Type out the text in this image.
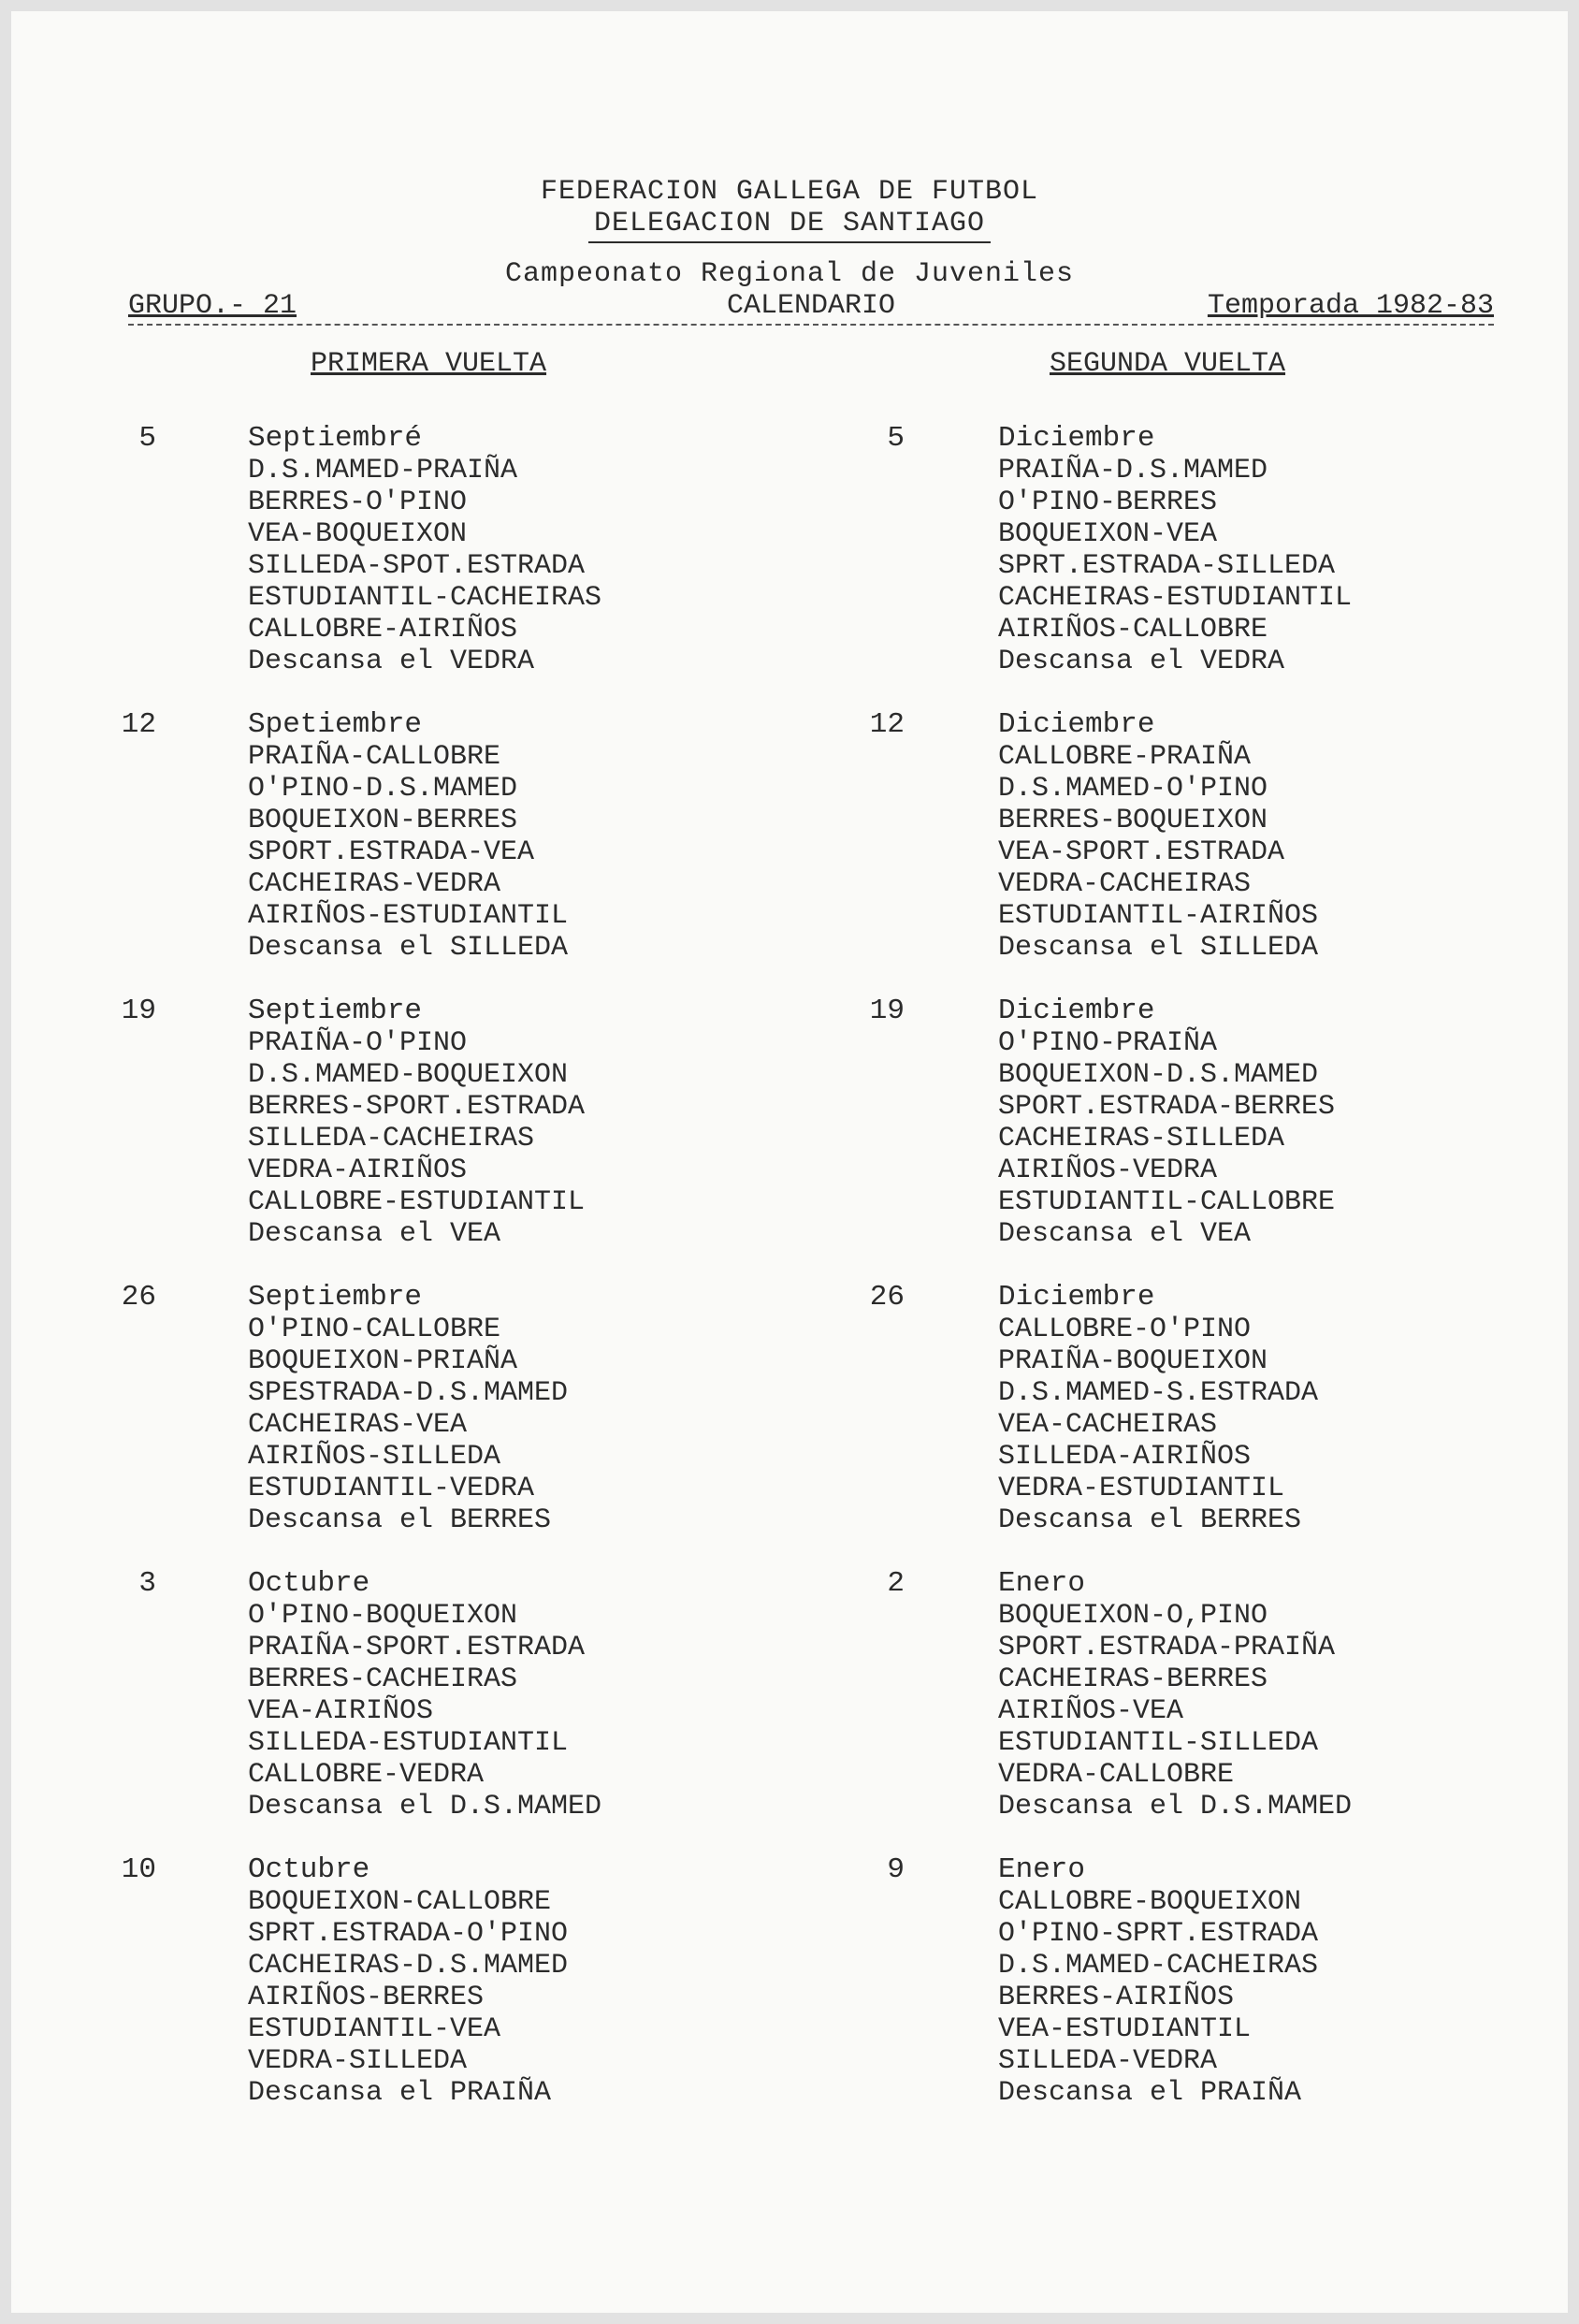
FEDERACION GALLEGA DE FUTBOL
DELEGACION DE SANTIAGO
Campeonato Regional de Juveniles
GRUPO.- 21	CALENDARIO	Temporada 1982-83
PRIMERA VUELTA
5	Septiembré
D.S.MAMED-PRAIÑA
BERRES-O'PINO
VEA-BOQUEIXON
SILLEDA-SPOT.ESTRADA
ESTUDIANTIL-CACHEIRAS
CALLOBRE-AIRIÑOS
Descansa el VEDRA
12	Spetiembre
PRAIÑA-CALLOBRE
O'PINO-D.S.MAMED
BOQUEIXON-BERRES
SPORT.ESTRADA-VEA
CACHEIRAS-VEDRA
AIRIÑOS-ESTUDIANTIL
Descansa el SILLEDA
19	Septiembre
PRAIÑA-O'PINO
D.S.MAMED-BOQUEIXON
BERRES-SPORT.ESTRADA
SILLEDA-CACHEIRAS
VEDRA-AIRIÑOS
CALLOBRE-ESTUDIANTIL
Descansa el VEA
26	Septiembre
O'PINO-CALLOBRE
BOQUEIXON-PRIAÑA
SPESTRADA-D.S.MAMED
CACHEIRAS-VEA
AIRIÑOS-SILLEDA
ESTUDIANTIL-VEDRA
Descansa el BERRES
3	Octubre
O'PINO-BOQUEIXON
PRAIÑA-SPORT.ESTRADA
BERRES-CACHEIRAS
VEA-AIRIÑOS
SILLEDA-ESTUDIANTIL
CALLOBRE-VEDRA
Descansa el D.S.MAMED
10	Octubre
BOQUEIXON-CALLOBRE
SPRT.ESTRADA-O'PINO
CACHEIRAS-D.S.MAMED
AIRIÑOS-BERRES
ESTUDIANTIL-VEA
VEDRA-SILLEDA
Descansa el PRAIÑA
SEGUNDA VUELTA
5	Diciembre
PRAIÑA-D.S.MAMED
O'PINO-BERRES
BOQUEIXON-VEA
SPRT.ESTRADA-SILLEDA
CACHEIRAS-ESTUDIANTIL
AIRIÑOS-CALLOBRE
Descansa el VEDRA
12	Diciembre
CALLOBRE-PRAIÑA
D.S.MAMED-O'PINO
BERRES-BOQUEIXON
VEA-SPORT.ESTRADA
VEDRA-CACHEIRAS
ESTUDIANTIL-AIRIÑOS
Descansa el SILLEDA
19	Diciembre
O'PINO-PRAIÑA
BOQUEIXON-D.S.MAMED
SPORT.ESTRADA-BERRES
CACHEIRAS-SILLEDA
AIRIÑOS-VEDRA
ESTUDIANTIL-CALLOBRE
Descansa el VEA
26	Diciembre
CALLOBRE-O'PINO
PRAIÑA-BOQUEIXON
D.S.MAMED-S.ESTRADA
VEA-CACHEIRAS
SILLEDA-AIRIÑOS
VEDRA-ESTUDIANTIL
Descansa el BERRES
2	Enero
BOQUEIXON-O,PINO
SPORT.ESTRADA-PRAIÑA
CACHEIRAS-BERRES
AIRIÑOS-VEA
ESTUDIANTIL-SILLEDA
VEDRA-CALLOBRE
Descansa el D.S.MAMED
9	Enero
CALLOBRE-BOQUEIXON
O'PINO-SPRT.ESTRADA
D.S.MAMED-CACHEIRAS
BERRES-AIRIÑOS
VEA-ESTUDIANTIL
SILLEDA-VEDRA
Descansa el PRAIÑA
